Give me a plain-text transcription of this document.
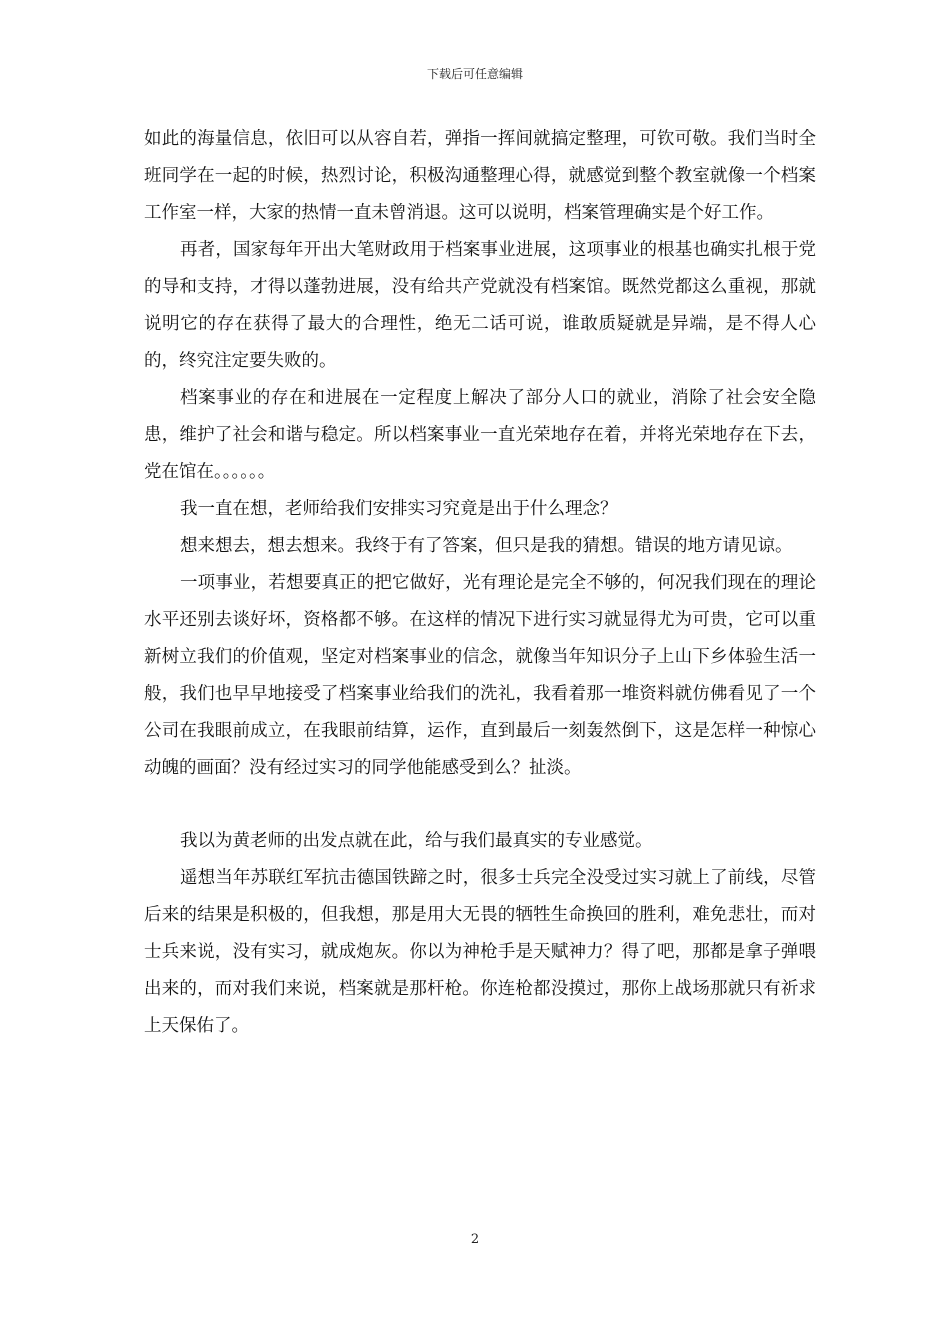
下载后可任意编辑

如此的海量信息，依旧可以从容自若，弹指一挥间就搞定整理，可钦可敬。我们当时全班同学在一起的时候，热烈讨论，积极沟通整理心得，就感觉到整个教室就像一个档案工作室一样，大家的热情一直未曾消退。这可以说明，档案管理确实是个好工作。

再者，国家每年开出大笔财政用于档案事业进展，这项事业的根基也确实扎根于党的导和支持，才得以蓬勃进展，没有给共产党就没有档案馆。既然党都这么重视，那就说明它的存在获得了最大的合理性，绝无二话可说，谁敢质疑就是异端，是不得人心的，终究注定要失败的。

档案事业的存在和进展在一定程度上解决了部分人口的就业，消除了社会安全隐患，维护了社会和谐与稳定。所以档案事业一直光荣地存在着，并将光荣地存在下去，党在馆在。。。。。。

我一直在想，老师给我们安排实习究竟是出于什么理念？

想来想去，想去想来。我终于有了答案，但只是我的猜想。错误的地方请见谅。

一项事业，若想要真正的把它做好，光有理论是完全不够的，何况我们现在的理论水平还别去谈好坏，资格都不够。在这样的情况下进行实习就显得尤为可贵，它可以重新树立我们的价值观，坚定对档案事业的信念，就像当年知识分子上山下乡体验生活一般，我们也早早地接受了档案事业给我们的洗礼，我看着那一堆资料就仿佛看见了一个公司在我眼前成立，在我眼前结算，运作，直到最后一刻轰然倒下，这是怎样一种惊心动魄的画面？没有经过实习的同学他能感受到么？扯淡。

我以为黄老师的出发点就在此，给与我们最真实的专业感觉。

遥想当年苏联红军抗击德国铁蹄之时，很多士兵完全没受过实习就上了前线，尽管后来的结果是积极的，但我想，那是用大无畏的牺牲生命换回的胜利，难免悲壮，而对士兵来说，没有实习，就成炮灰。你以为神枪手是天赋神力？得了吧，那都是拿子弹喂出来的，而对我们来说，档案就是那杆枪。你连枪都没摸过，那你上战场那就只有祈求上天保佑了。

2
